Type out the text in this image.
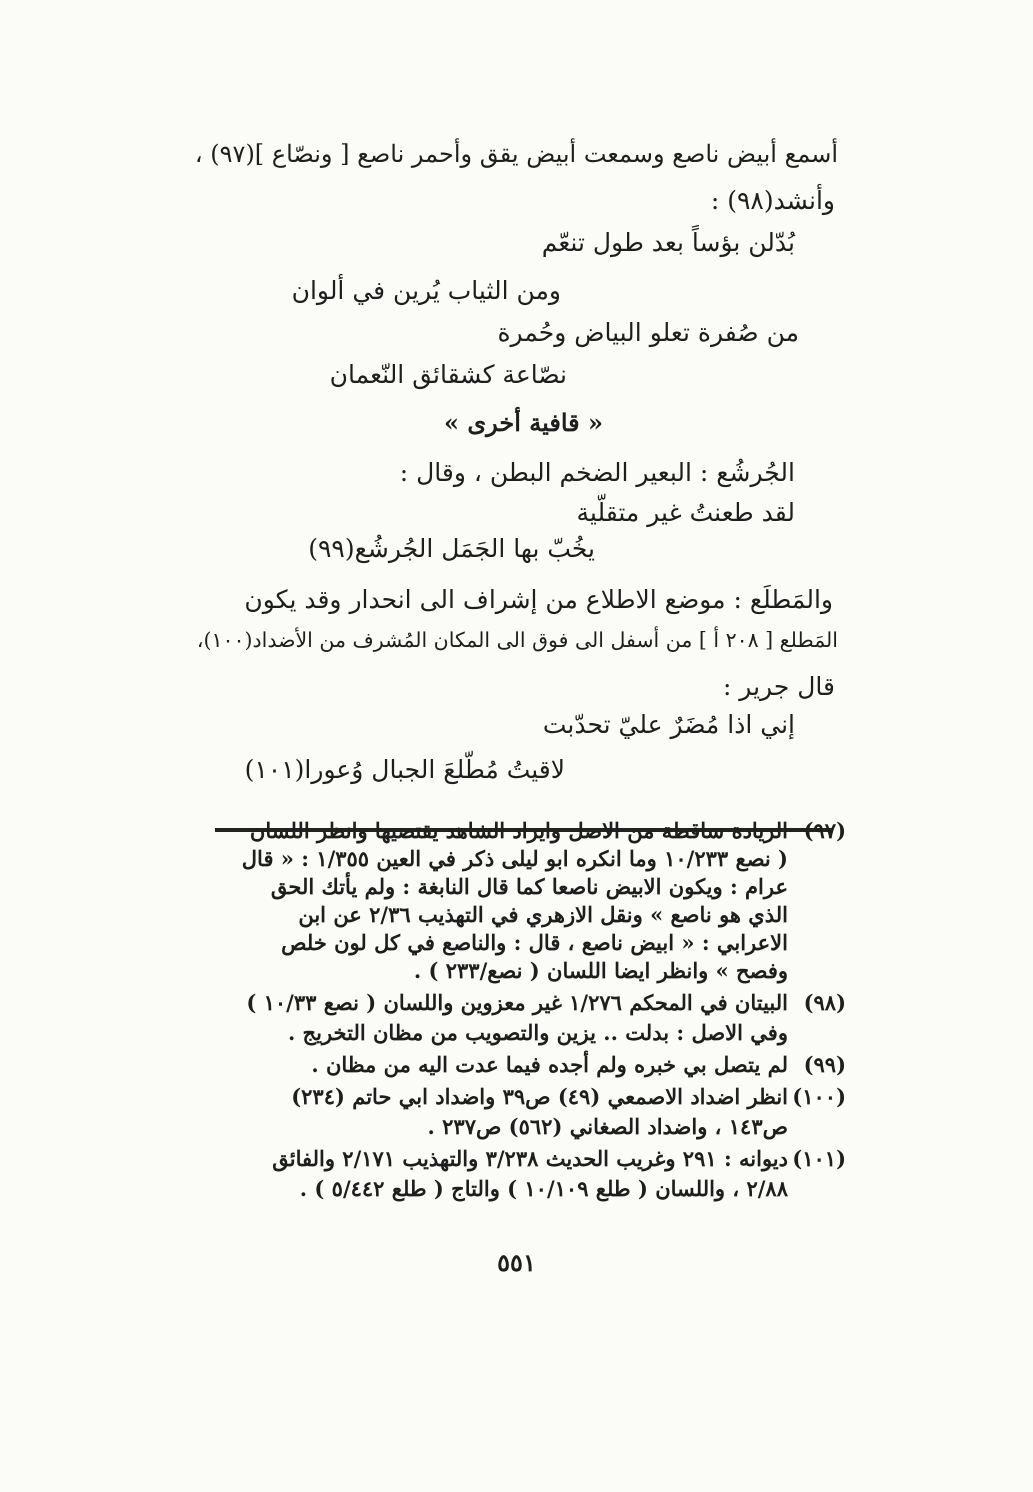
أسمع أبيض ناصع وسمعت أبيض يقق وأحمر ناصع [ ونصّاع ](٩٧) ،
وأنشد(٩٨) :
بُدّلن بؤساً بعد طول تنعّم
ومن الثياب يُرين في ألوان
من صُفرة تعلو البياض وحُمرة
نصّاعة كشقائق النّعمان
« قافية أخرى »
الجُرشُع : البعير الضخم البطن ، وقال :
لقد طعنتُ غير متقلّية
يخُبّ بها الجَمَل الجُرشُع(٩٩)
والمَطلَع : موضع الاطلاع من إشراف الى انحدار وقد يكون
المَطلع [ ٢٠٨ أ ] من أسفل الى فوق الى المكان المُشرف من الأضداد(١٠٠)،
قال جرير :
إني اذا مُضَرٌ عليّ تحدّبت
لاقيتُ مُطّلعَ الجبال وُعورا(١٠١)
(٩٧)
الزيادة ساقطة من الاصل وايراد الشاهد يقتضيها وانظر اللسان
( نصع ١٠/٢٣٣ وما انكره ابو ليلى ذكر في العين ١/٣٥٥ : « قال
عرام : ويكون الابيض ناصعا كما قال النابغة : ولم يأتك الحق
الذي هو ناصع » ونقل الازهري في التهذيب ٢/٣٦ عن ابن
الاعرابي : « ابيض ناصع ، قال : والناصع في كل لون خلص
وفصح » وانظر ايضا اللسان ( نصع/٢٣٣ ) .
(٩٨)
البيتان في المحكم ١/٢٧٦ غير معزوين واللسان ( نصع ١٠/٣٣ )
وفي الاصل : بدلت .. يزين والتصويب من مظان التخريج .
(٩٩)
لم يتصل بي خبره ولم أجده فيما عدت اليه من مظان .
(١٠٠)
انظر اضداد الاصمعي (٤٩) ص٣٩ واضداد ابي حاتم (٢٣٤)
ص١٤٣ ، واضداد الصغاني (٥٦٢) ص٢٣٧ .
(١٠١)
ديوانه : ٢٩١ وغريب الحديث ٣/٢٣٨ والتهذيب ٢/١٧١ والفائق
٢/٨٨ ، واللسان ( طلع ١٠/١٠٩ ) والتاج ( طلع ٥/٤٤٢ ) .
٥٥١
